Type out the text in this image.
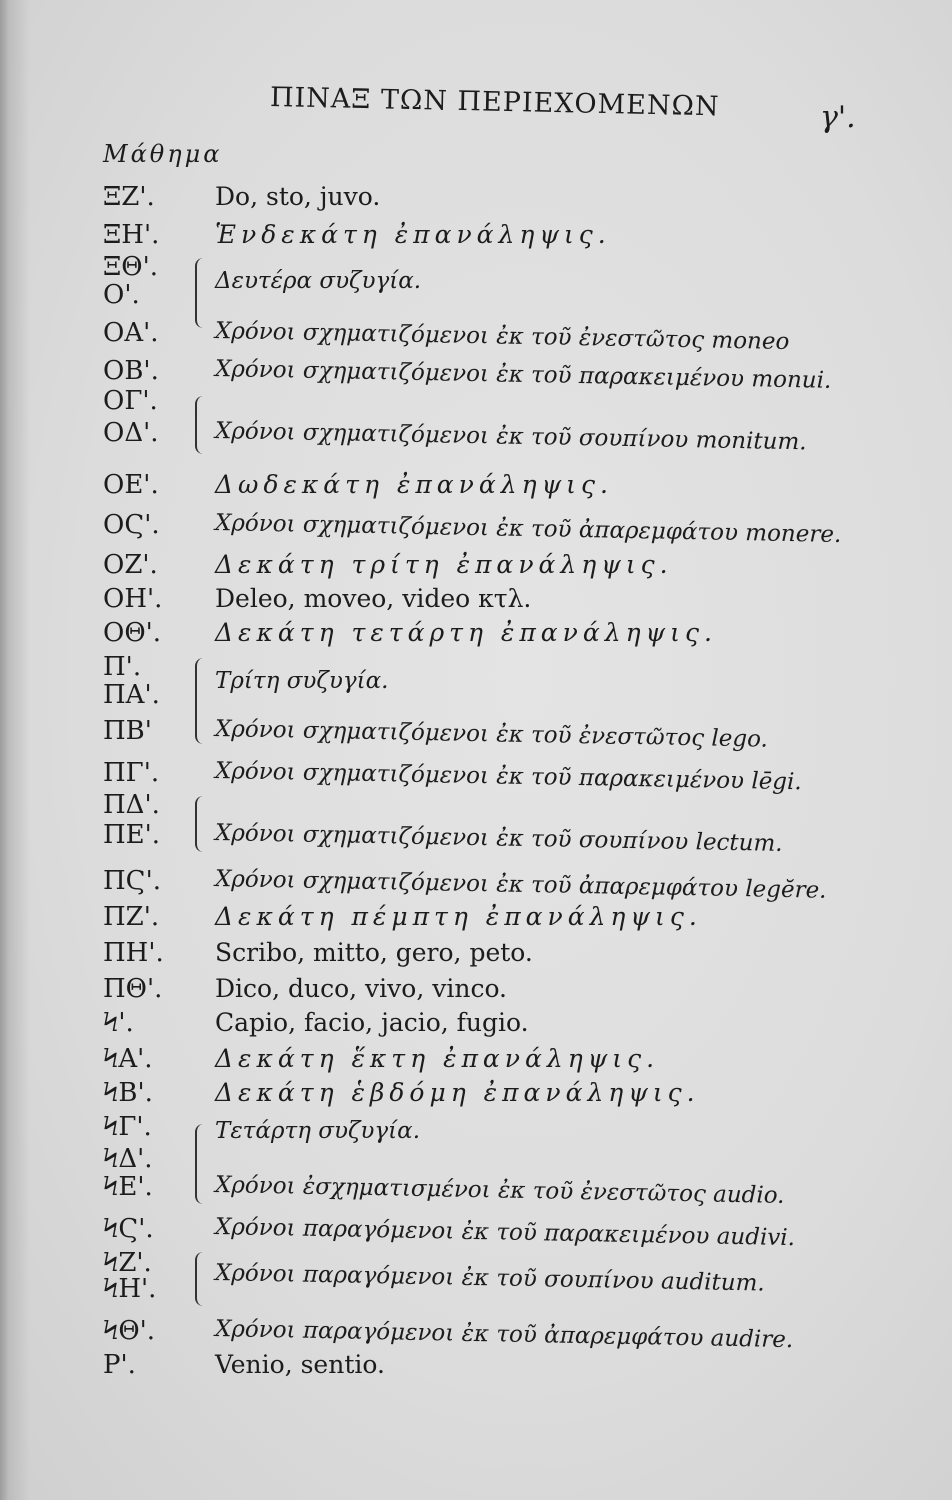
ΠΙΝΑΞ ΤΩΝ ΠΕΡΙΕΧΟΜΕΝΩΝ	γ'.
Μάθημα
ΞΖ'. Do, sto, juvo.
ΞΗ'. Ἑνδεκάτη ἐπανάληψις.
ΞΘ'.
Ο'.	Δευτέρα συζυγία.
ΟΑ'. Χρόνοι σχηματιζόμενοι ἐκ τοῦ ἐνεστῶτος moneo
ΟΒ'. Χρόνοι σχηματιζόμενοι ἐκ τοῦ παρακειμένου monui.
ΟΓ'.
ΟΔ'. Χρόνοι σχηματιζόμενοι ἐκ τοῦ σουπίνου monitum.
ΟΕ'. Δωδεκάτη ἐπανάληψις.
ΟϚ'. Χρόνοι σχηματιζόμενοι ἐκ τοῦ ἀπαρεμφάτου monere.
ΟΖ'. Δεκάτη τρίτη ἐπανάληψις.
ΟΗ'. Deleo, moveo, video κτλ.
ΟΘ'. Δεκάτη τετάρτη ἐπανάληψις.
Π'.
ΠΑ'. Τρίτη συζυγία.
ΠΒ'	Χρόνοι σχηματιζόμενοι ἐκ τοῦ ἐνεστῶτος lego.
ΠΓ'. Χρόνοι σχηματιζόμενοι ἐκ τοῦ παρακειμένου lēgi.
ΠΔ'.
ΠΕ'. Χρόνοι σχηματιζόμενοι ἐκ τοῦ σουπίνου lectum.
ΠϚ'. Χρόνοι σχηματιζόμενοι ἐκ τοῦ ἀπαρεμφάτου legĕre.
ΠΖ'. Δεκάτη πέμπτη ἐπανάληψις.
ΠΗ'. Scribo, mitto, gero, peto.
ΠΘ'. Dico, duco, vivo, vinco.
Ϟ'.	Capio, facio, jacio, fugio.
ϞΑ'. Δεκάτη ἕκτη ἐπανάληψις.
ϞΒ'. Δεκάτη ἑβδόμη ἐπανάληψις.
ϞΓ'.	Τετάρτη συζυγία.
ϞΔ'.
ϞΕ'.	Χρόνοι ἐσχηματισμένοι ἐκ τοῦ ἐνεστῶτος audio.
ϞϚ'.	Χρόνοι παραγόμενοι ἐκ τοῦ παρακειμένου audivi.
ϞΖ'.
ϞΗ'.	Χρόνοι παραγόμενοι ἐκ τοῦ σουπίνου auditum.
ϞΘ'.	Χρόνοι παραγόμενοι ἐκ τοῦ ἀπαρεμφάτου audire.
Ρ'.	Venio, sentio.
